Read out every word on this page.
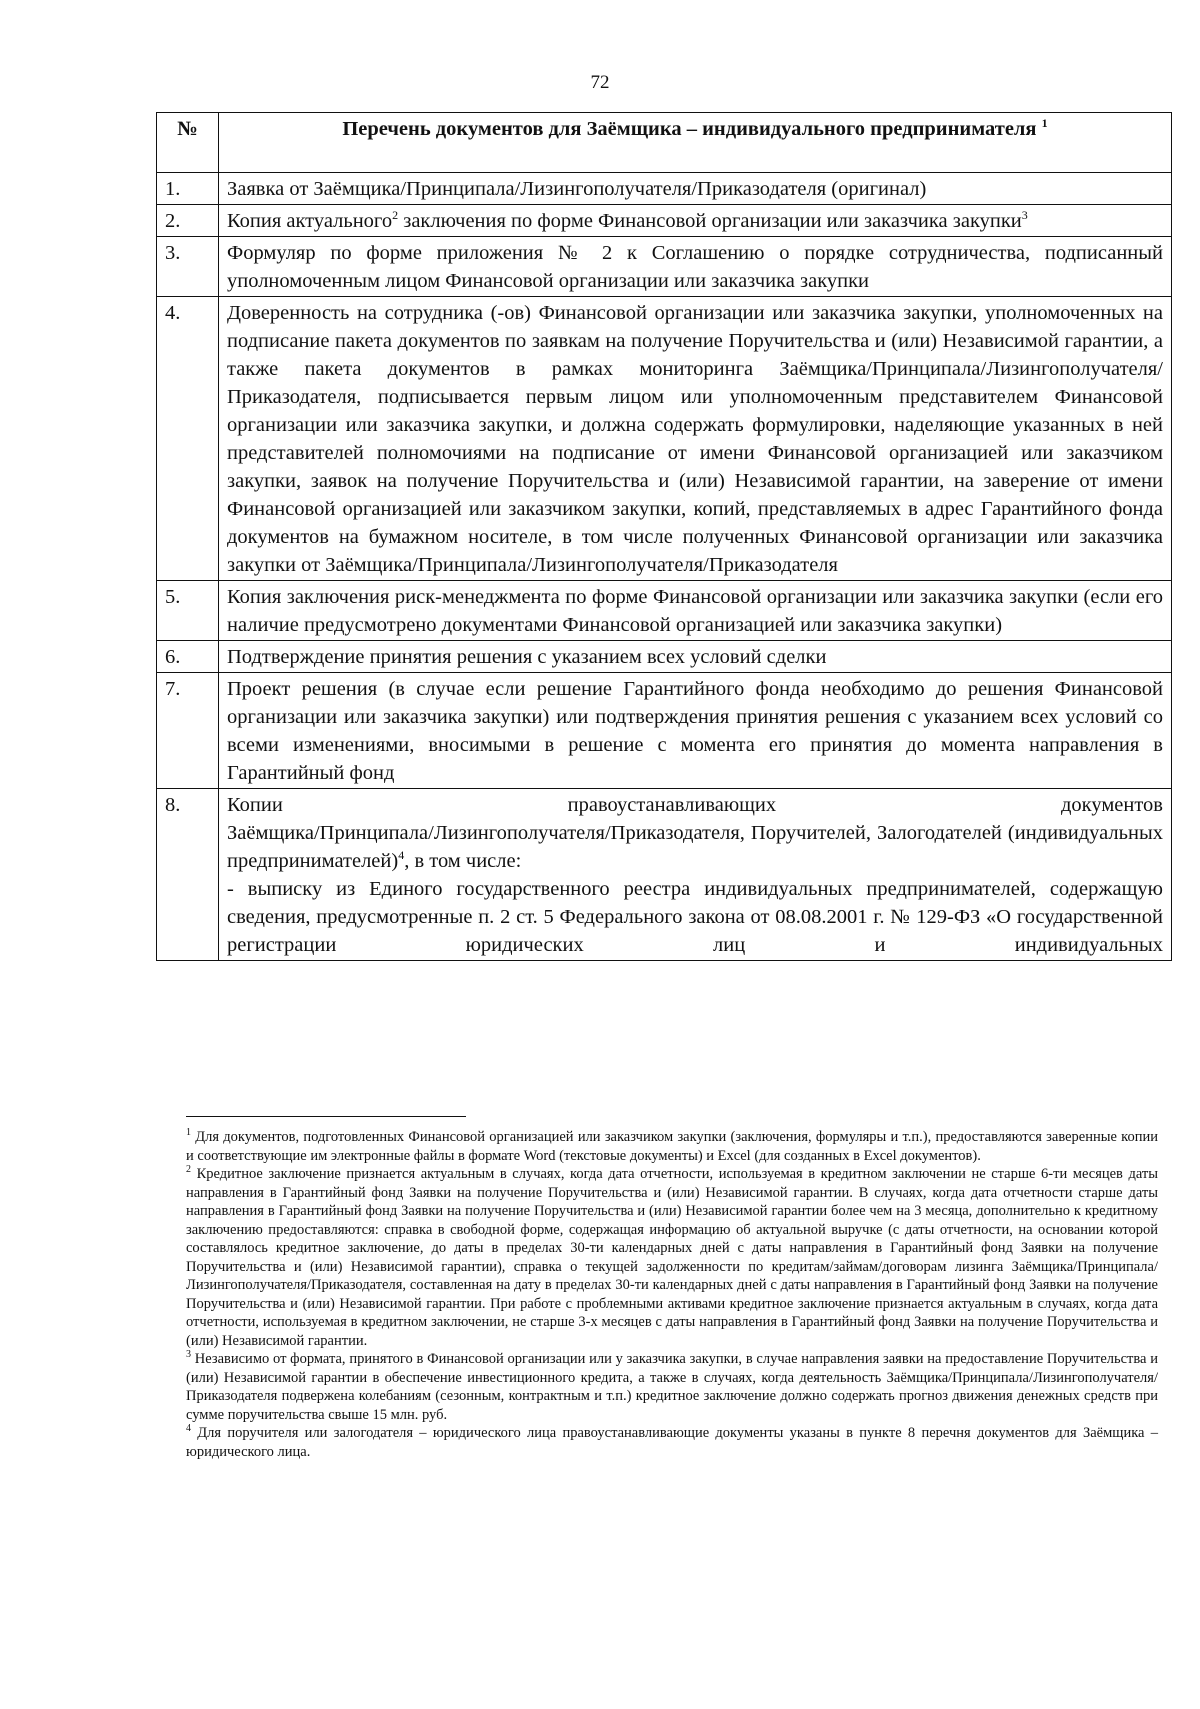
72
№	Перечень документов для Заёмщика – индивидуального предпринимателя $^1$
1.	Заявка от Заёмщика/Принципала/Лизингополучателя/Приказодателя (оригинал)
2.	Копия актуального$^2$ заключения по форме Финансовой организации или заказчика закупки$^3$
3.	Формуляр по форме приложения № 2 к Соглашению о порядке сотрудничества, подписанный уполномоченным лицом Финансовой организации или заказчика закупки
4.	Доверенность на сотрудника (-ов) Финансовой организации или заказчика закупки, уполномоченных на подписание пакета документов по заявкам на получение Поручительства и (или) Независимой гарантии, а также пакета документов в рамках мониторинга Заёмщика/Принципала/Лизингополучателя/Приказодателя, подписывается первым лицом или уполномоченным представителем Финансовой организации или заказчика закупки, и должна содержать формулировки, наделяющие указанных в ней представителей полномочиями на подписание от имени Финансовой организацией или заказчиком закупки, заявок на получение Поручительства и (или) Независимой гарантии, на заверение от имени Финансовой организацией или заказчиком закупки, копий, представляемых в адрес Гарантийного фонда документов на бумажном носителе, в том числе полученных Финансовой организации или заказчика закупки от Заёмщика/Принципала/Лизингополучателя/Приказодателя
5.	Копия заключения риск-менеджмента по форме Финансовой организации или заказчика закупки (если его наличие предусмотрено документами Финансовой организацией или заказчика закупки)
6.	Подтверждение принятия решения с указанием всех условий сделки
7.	Проект решения (в случае если решение Гарантийного фонда необходимо до решения Финансовой организации или заказчика закупки) или подтверждения принятия решения с указанием всех условий со всеми изменениями, вносимыми в решение с момента его принятия до момента направления в Гарантийный фонд
8.	Копии правоустанавливающих документов
Заёмщика/Принципала/Лизингополучателя/Приказодателя, Поручителей, Залогодателей (индивидуальных предпринимателей)$^4$, в том числе:
- выписку из Единого государственного реестра индивидуальных предпринимателей, содержащую сведения, предусмотренные п. 2 ст. 5 Федерального закона от 08.08.2001 г. № 129-ФЗ «О государственной регистрации юридических лиц и индивидуальных

$^1$ Для документов, подготовленных Финансовой организацией или заказчиком закупки (заключения, формуляры и т.п.), предоставляются заверенные копии и соответствующие им электронные файлы в формате Word (текстовые документы) и Excel (для созданных в Excel документов).

$^2$ Кредитное заключение признается актуальным в случаях, когда дата отчетности, используемая в кредитном заключении не старше 6-ти месяцев даты направления в Гарантийный фонд Заявки на получение Поручительства и (или) Независимой гарантии. В случаях, когда дата отчетности старше даты направления в Гарантийный фонд Заявки на получение Поручительства и (или) Независимой гарантии более чем на 3 месяца, дополнительно к кредитному заключению предоставляются: справка в свободной форме, содержащая информацию об актуальной выручке (с даты отчетности, на основании которой составлялось кредитное заключение, до даты в пределах 30-ти календарных дней с даты направления в Гарантийный фонд Заявки на получение Поручительства и (или) Независимой гарантии), справка о текущей задолженности по кредитам/займам/договорам лизинга Заёмщика/Принципала/Лизингополучателя/Приказодателя, составленная на дату в пределах 30-ти календарных дней с даты направления в Гарантийный фонд Заявки на получение Поручительства и (или) Независимой гарантии. При работе с проблемными активами кредитное заключение признается актуальным в случаях, когда дата отчетности, используемая в кредитном заключении, не старше 3-х месяцев с даты направления в Гарантийный фонд Заявки на получение Поручительства и (или) Независимой гарантии.

$^3$ Независимо от формата, принятого в Финансовой организации или у заказчика закупки, в случае направления заявки на предоставление Поручительства и (или) Независимой гарантии в обеспечение инвестиционного кредита, а также в случаях, когда деятельность Заёмщика/Принципала/Лизингополучателя/Приказодателя подвержена колебаниям (сезонным, контрактным и т.п.) кредитное заключение должно содержать прогноз движения денежных средств при сумме поручительства свыше 15 млн. руб.

$^4$ Для поручителя или залогодателя – юридического лица правоустанавливающие документы указаны в пункте 8 перечня документов для Заёмщика – юридического лица.
